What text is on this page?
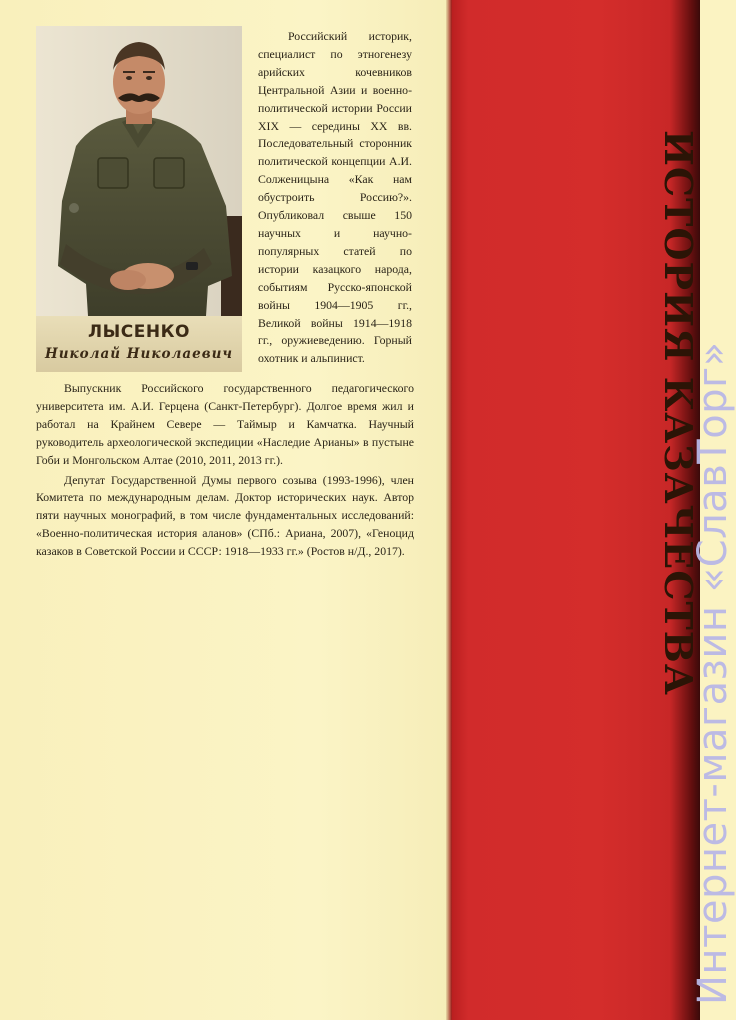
ИСТОРИЯ КАЗАЧЕСТВА
ЛЫСЕНКО
Николай Николаевич

Российский историк, специалист по этногенезу арийских кочевников Центральной Азии и военно-политической истории России XIX — середины XX вв. Последовательный сторонник политической концепции А.И. Солженицына «Как нам обустроить Россию?». Опубликовал свыше 150 научных и научно-популярных статей по истории казацкого народа, событиям Русско-японской войны 1904—1905 гг., Великой войны 1914—1918 гг., оружиеведению. Горный охотник и альпинист.

Выпускник Российского государственного педагогического университета им. А.И. Герцена (Санкт-Петербург). Долгое время жил и работал на Крайнем Севере — Таймыр и Камчатка. Научный руководитель археологической экспедиции «Наследие Арианы» в пустыне Гоби и Монгольском Алтае (2010, 2011, 2013 гг.).

Депутат Государственной Думы первого созыва (1993-1996), член Комитета по международным делам. Доктор исторических наук. Автор пяти научных монографий, в том числе фундаментальных исследований: «Военно-политическая история аланов» (СПб.: Ариана, 2007), «Геноцид казаков в Советской России и СССР: 1918—1933 гг.» (Ростов н/Д., 2017).	Интернет-магазин «СлавТорг»
